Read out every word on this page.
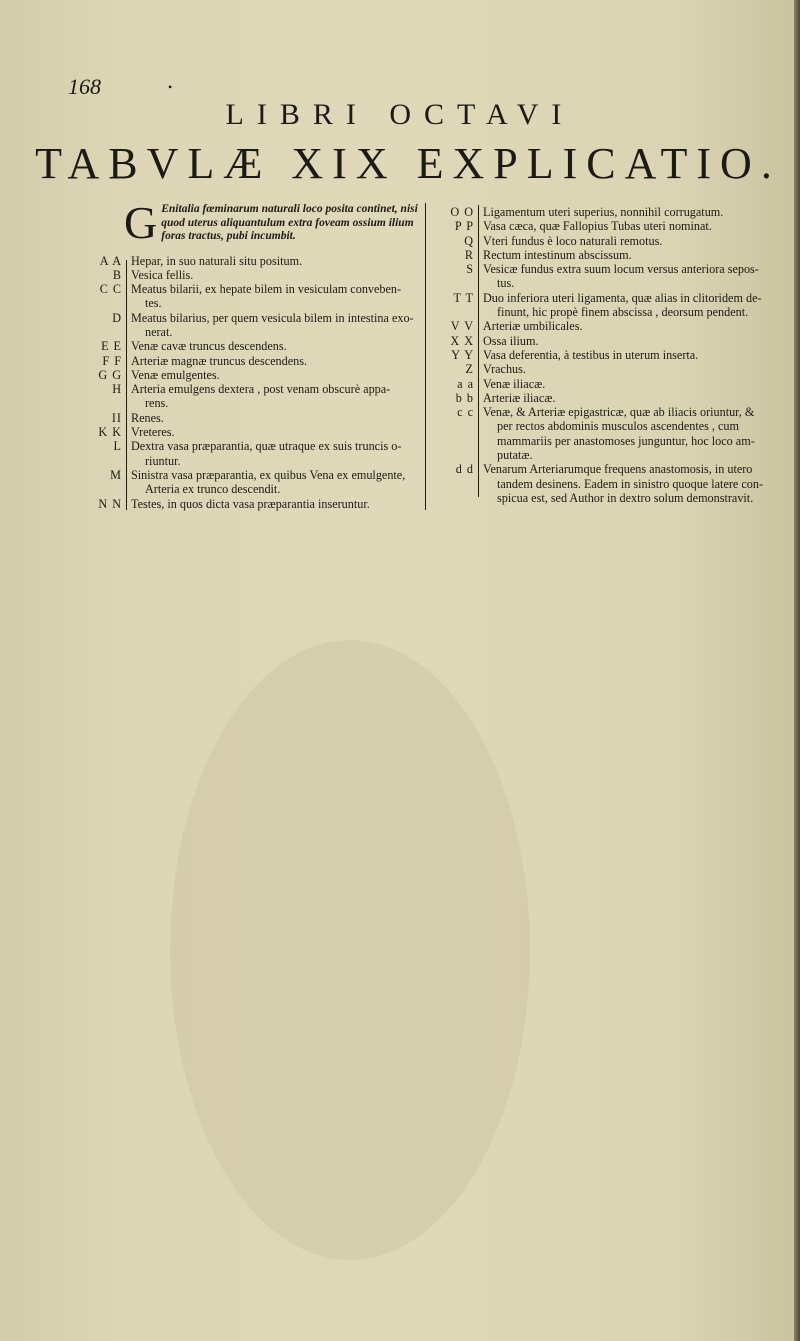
168	•
LIBRI OCTAVI
TABVLÆ XIX EXPLICATIO.
G Enitalia fœminarum naturali loco posita continet, nisi quod uterus aliquantulum extra foveam ossium ilium foras tractus, pubi incumbit.
A A Hepar, in suo naturali situ positum.
B Vesica fellis.
C C Meatus bilarii, ex hepate bilem in vesiculam conveben-
tes.
D Meatus bilarius, per quem vesicula bilem in intestina exo-
nerat.
E E Venæ cavæ truncus descendens.
F F Arteriæ magnæ truncus descendens.
G G Venæ emulgentes.
H Arteria emulgens dextera , post venam obscurè appa-
rens.
II Renes.
K K Vreteres.
L Dextra vasa præparantia, quæ utraque ex suis truncis o-
riuntur.
M Sinistra vasa præparantia, ex quibus Vena ex emulgente,
Arteria ex trunco descendit.
N N Testes, in quos dicta vasa præparantia inseruntur.
O O Ligamentum uteri superius, nonnihil corrugatum.
P P Vasa cæca, quæ Fallopius Tubas uteri nominat.
Q Vteri fundus è loco naturali remotus.
R Rectum intestinum abscissum.
S Vesicæ fundus extra suum locum versus anteriora sepos-
tus.
T T Duo inferiora uteri ligamenta, quæ alias in clitoridem de-
finunt, hic propè finem abscissa , deorsum pendent.
V V Arteriæ umbilicales.
X X Ossa ilium.
Y Y Vasa deferentia, à testibus in uterum inserta.
Z Vrachus.
a a Venæ iliacæ.
b b Arteriæ iliacæ.
c c Venæ, & Arteriæ epigastricæ, quæ ab iliacis oriuntur, &
per rectos abdominis musculos ascendentes , cum
mammariis per anastomoses junguntur, hoc loco am-
putatæ.
d d Venarum Arteriarumque frequens anastomosis, in utero
tandem desinens. Eadem in sinistro quoque latere con-
spicua est, sed Author in dextro solum demonstravit.
